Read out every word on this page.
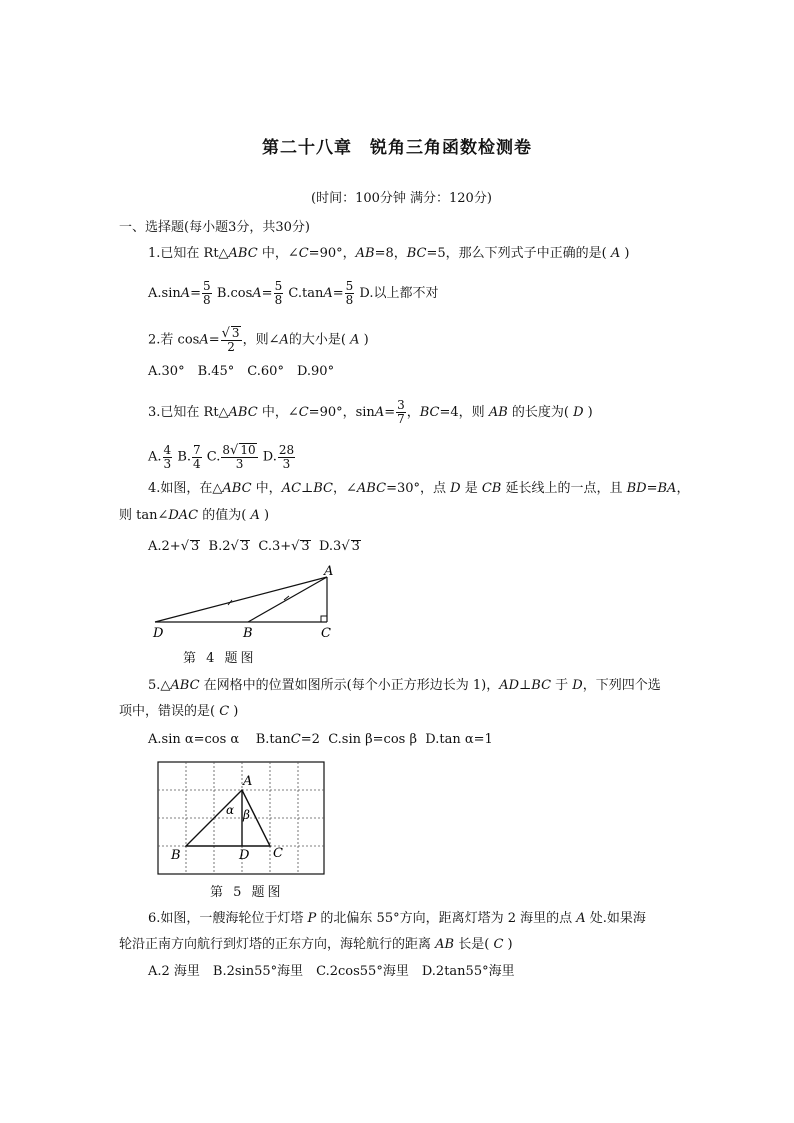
第二十八章　锐角三角函数检测卷
(时间：100分钟 满分：120分)
一、选择题(每小题3分，共30分)
1.已知在 Rt△ABC 中，∠C=90°，AB=8，BC=5，那么下列式子中正确的是( A )
$A.\sin A= \frac{5}{8} B.\cos A= \frac{5}{8} C.\tan A= \frac{5}{8} D$.以上都不对
2.若 $\cos A= \frac{√ 3}{2}$ ，则∠A的大小是( A )
A.30°　B.45°　C.60°　D.90°
3.已知在 Rt△ABC 中，∠C=90°，$\sin A= \frac{3}{7}$ ，BC=4，则 AB 的长度为( D )
A. $\frac{4}{3} B$. $\frac{7}{4} C$. $\frac{8√ 10}{3} D$. $\frac{28}{3}$
4.如图，在△ABC 中，AC⊥BC，∠ABC=30°，点 D 是 CB 延长线上的一点，且 BD=BA，
则 tan∠DAC 的值为( A )
A.2+√ 3 B.2√ 3 C.3+√ 3 D.3√ 3
A
B	C
D
第 4 题图
5.△ABC 在网格中的位置如图所示(每个小正方形边长为 1)，AD⊥BC 于 D，下列四个选
项中，错误的是( C )
A.sin α=cos α B.tanC=2 C.sin β=cos β D.tan α=1
A
B	C
D
α β
第 5 题图
6.如图，一艘海轮位于灯塔 P 的北偏东 55°方向，距离灯塔为 2 海里的点 A 处.如果海
轮沿正南方向航行到灯塔的正东方向，海轮航行的距离 AB 长是( C )
A.2 海里　B.2sin55°海里　C.2cos55°海里　D.2tan55°海里
